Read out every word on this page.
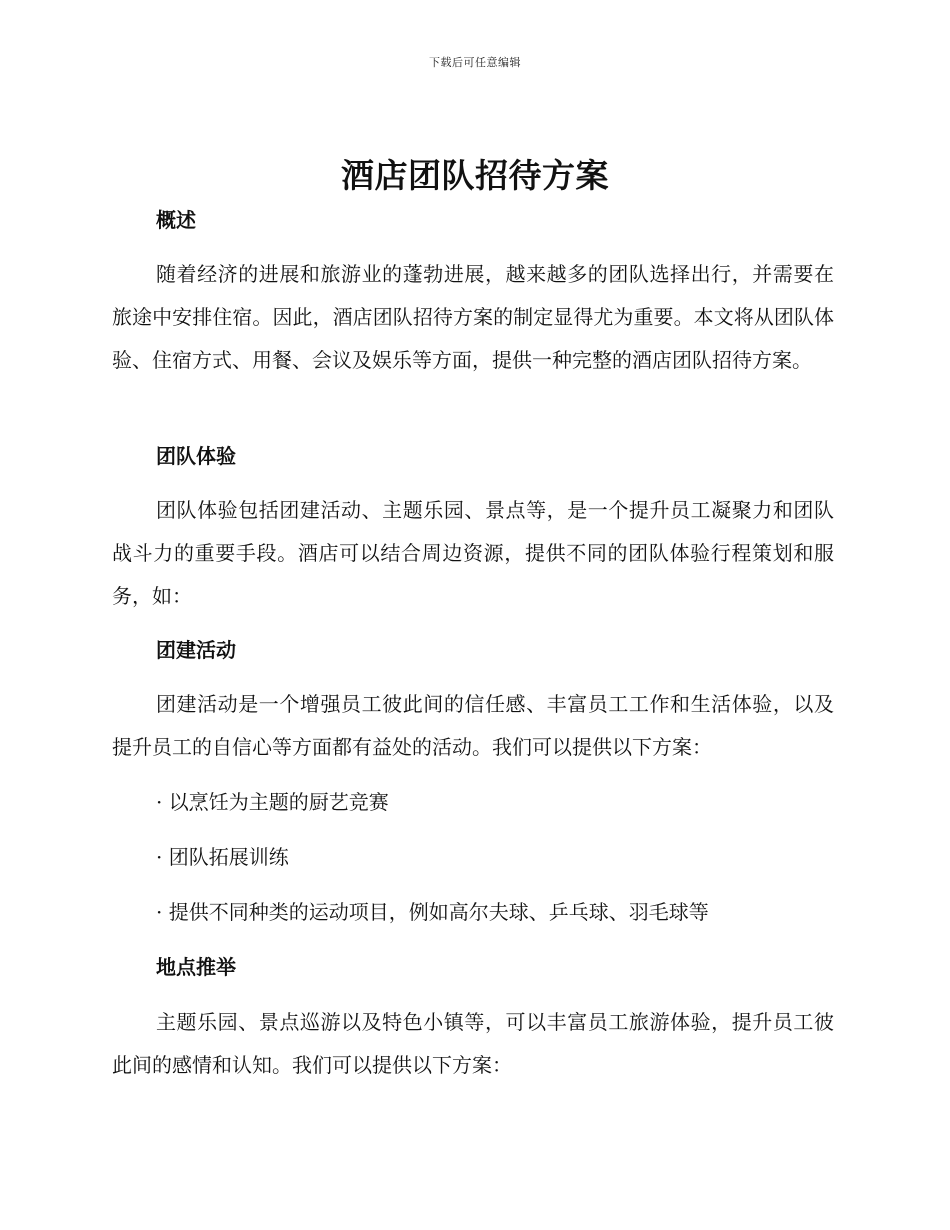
下载后可任意编辑
酒店团队招待方案
概述

随着经济的进展和旅游业的蓬勃进展，越来越多的团队选择出行，并需要在旅途中安排住宿。因此，酒店团队招待方案的制定显得尤为重要。本文将从团队体验、住宿方式、用餐、会议及娱乐等方面，提供一种完整的酒店团队招待方案。

团队体验

团队体验包括团建活动、主题乐园、景点等，是一个提升员工凝聚力和团队战斗力的重要手段。酒店可以结合周边资源，提供不同的团队体验行程策划和服务，如：

团建活动

团建活动是一个增强员工彼此间的信任感、丰富员工工作和生活体验，以及提升员工的自信心等方面都有益处的活动。我们可以提供以下方案：

· 以烹饪为主题的厨艺竞赛

· 团队拓展训练

· 提供不同种类的运动项目，例如高尔夫球、乒乓球、羽毛球等

地点推举

主题乐园、景点巡游以及特色小镇等，可以丰富员工旅游体验，提升员工彼此间的感情和认知。我们可以提供以下方案：
